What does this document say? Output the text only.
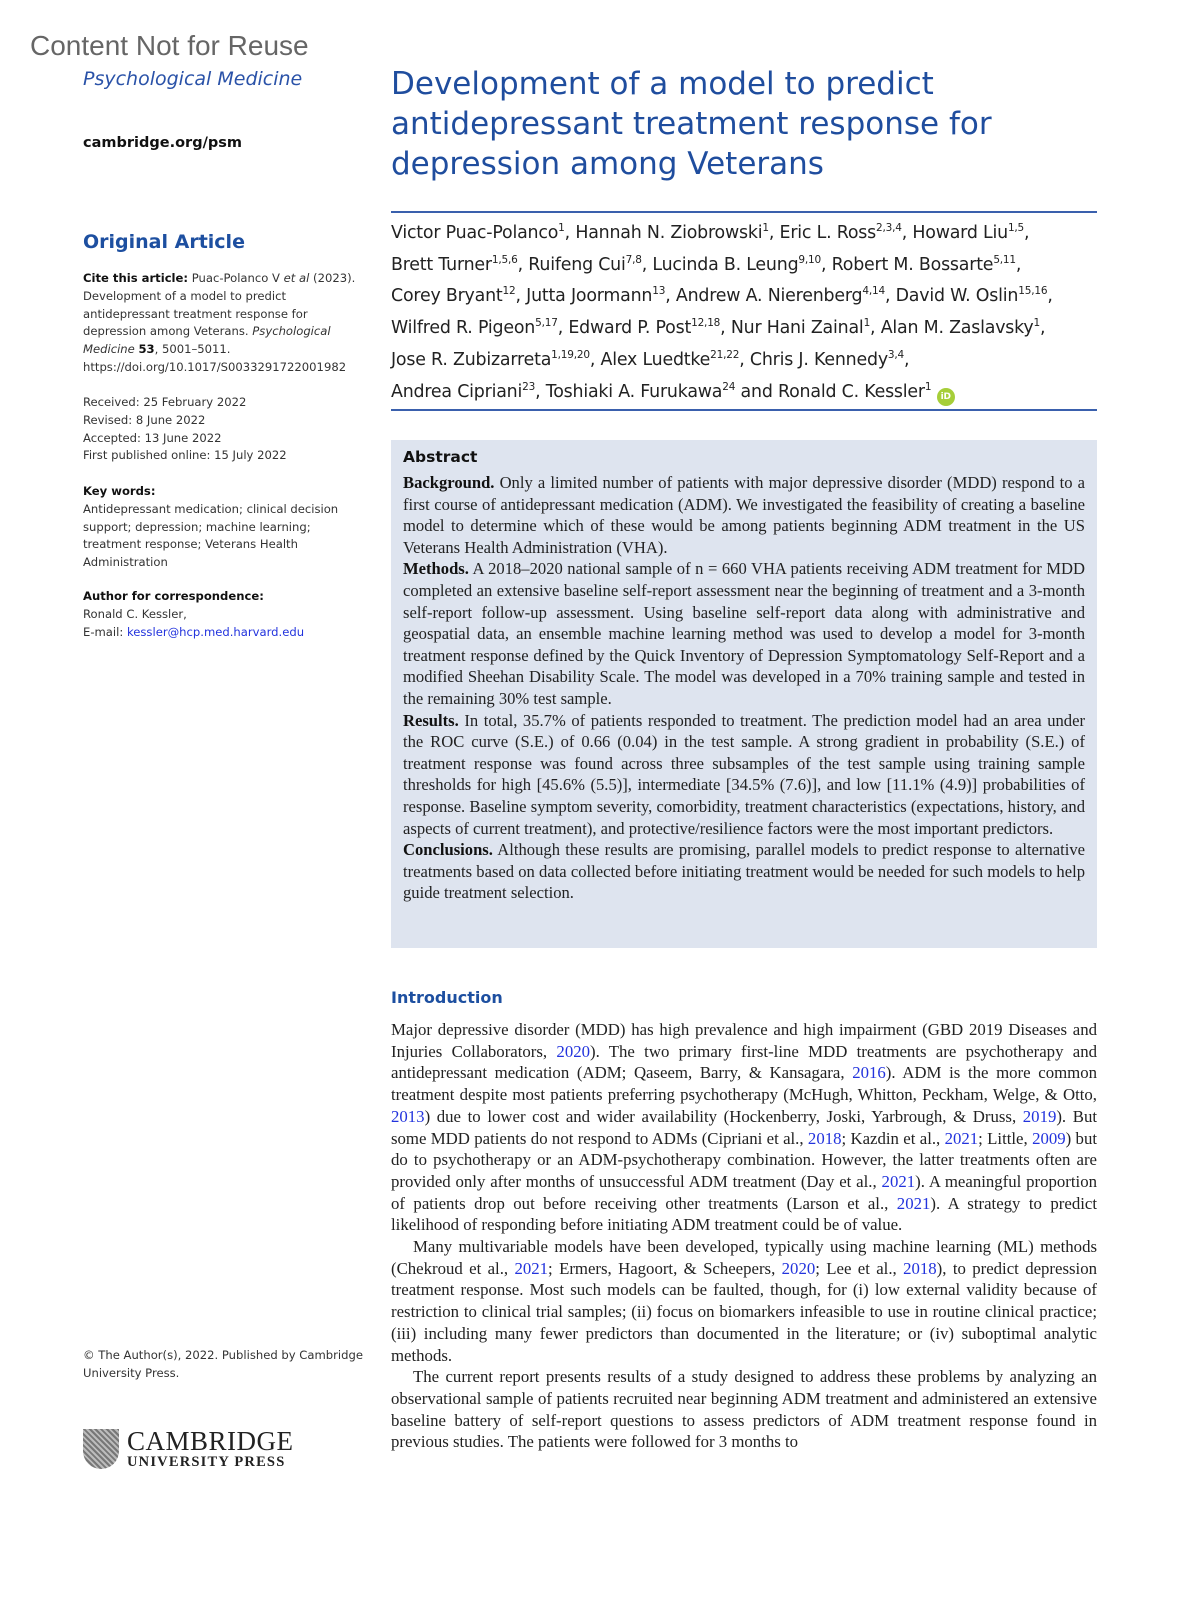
Content Not for Reuse
Psychological Medicine
cambridge.org/psm
Original Article
Cite this article: Puac-Polanco V et al (2023). Development of a model to predict antidepressant treatment response for depression among Veterans. Psychological Medicine 53, 5001–5011. https://doi.org/10.1017/S0033291722001982
Received: 25 February 2022
Revised: 8 June 2022
Accepted: 13 June 2022
First published online: 15 July 2022
Key words:
Antidepressant medication; clinical decision support; depression; machine learning; treatment response; Veterans Health Administration
Author for correspondence:
Ronald C. Kessler,
E-mail: kessler@hcp.med.harvard.edu
© The Author(s), 2022. Published by Cambridge University Press.
CAMBRIDGE
UNIVERSITY PRESS
Development of a model to predict antidepressant treatment response for depression among Veterans
Victor Puac-Polanco$^1$, Hannah N. Ziobrowski$^1$, Eric L. Ross$^{2,3,4}$, Howard Liu$^{1,5}$,
Brett Turner$^{1,5,6}$, Ruifeng Cui$^{7,8}$, Lucinda B. Leung$^{9,10}$, Robert M. Bossarte$^{5,11}$,
Corey Bryant$^{12}$, Jutta Joormann$^{13}$, Andrew A. Nierenberg$^{4,14}$, David W. Oslin$^{15,16}$,
Wilfred R. Pigeon$^{5,17}$, Edward P. Post$^{12,18}$, Nur Hani Zainal$^1$, Alan M. Zaslavsky$^1$,
Jose R. Zubizarreta$^{1,19,20}$, Alex Luedtke$^{21,22}$, Chris J. Kennedy$^{3,4}$,
Andrea Cipriani$^{23}$, Toshiaki A. Furukawa$^{24}$ and Ronald C. Kessler$^1$ iD
Abstract

Background. Only a limited number of patients with major depressive disorder (MDD) respond to a first course of antidepressant medication (ADM). We investigated the feasibility of creating a baseline model to determine which of these would be among patients beginning ADM treatment in the US Veterans Health Administration (VHA).

Methods. A 2018–2020 national sample of n = 660 VHA patients receiving ADM treatment for MDD completed an extensive baseline self-report assessment near the beginning of treatment and a 3-month self-report follow-up assessment. Using baseline self-report data along with administrative and geospatial data, an ensemble machine learning method was used to develop a model for 3-month treatment response defined by the Quick Inventory of Depression Symptomatology Self-Report and a modified Sheehan Disability Scale. The model was developed in a 70% training sample and tested in the remaining 30% test sample.

Results. In total, 35.7% of patients responded to treatment. The prediction model had an area under the ROC curve (S.E.) of 0.66 (0.04) in the test sample. A strong gradient in probability (S.E.) of treatment response was found across three subsamples of the test sample using training sample thresholds for high [45.6% (5.5)], intermediate [34.5% (7.6)], and low [11.1% (4.9)] probabilities of response. Baseline symptom severity, comorbidity, treatment characteristics (expectations, history, and aspects of current treatment), and protective/resilience factors were the most important predictors.

Conclusions. Although these results are promising, parallel models to predict response to alternative treatments based on data collected before initiating treatment would be needed for such models to help guide treatment selection.

Introduction

Major depressive disorder (MDD) has high prevalence and high impairment (GBD 2019 Diseases and Injuries Collaborators, 2020). The two primary first-line MDD treatments are psychotherapy and antidepressant medication (ADM; Qaseem, Barry, & Kansagara, 2016). ADM is the more common treatment despite most patients preferring psychotherapy (McHugh, Whitton, Peckham, Welge, & Otto, 2013) due to lower cost and wider availability (Hockenberry, Joski, Yarbrough, & Druss, 2019). But some MDD patients do not respond to ADMs (Cipriani et al., 2018; Kazdin et al., 2021; Little, 2009) but do to psychotherapy or an ADM-psychotherapy combination. However, the latter treatments often are provided only after months of unsuccessful ADM treatment (Day et al., 2021). A meaningful proportion of patients drop out before receiving other treatments (Larson et al., 2021). A strategy to predict likelihood of responding before initiating ADM treatment could be of value.

Many multivariable models have been developed, typically using machine learning (ML) methods (Chekroud et al., 2021; Ermers, Hagoort, & Scheepers, 2020; Lee et al., 2018), to predict depression treatment response. Most such models can be faulted, though, for (i) low external validity because of restriction to clinical trial samples; (ii) focus on biomarkers infeasible to use in routine clinical practice; (iii) including many fewer predictors than documented in the literature; or (iv) suboptimal analytic methods.

The current report presents results of a study designed to address these problems by analyzing an observational sample of patients recruited near beginning ADM treatment and administered an extensive baseline battery of self-report questions to assess predictors of ADM treatment response found in previous studies. The patients were followed for 3 months to
